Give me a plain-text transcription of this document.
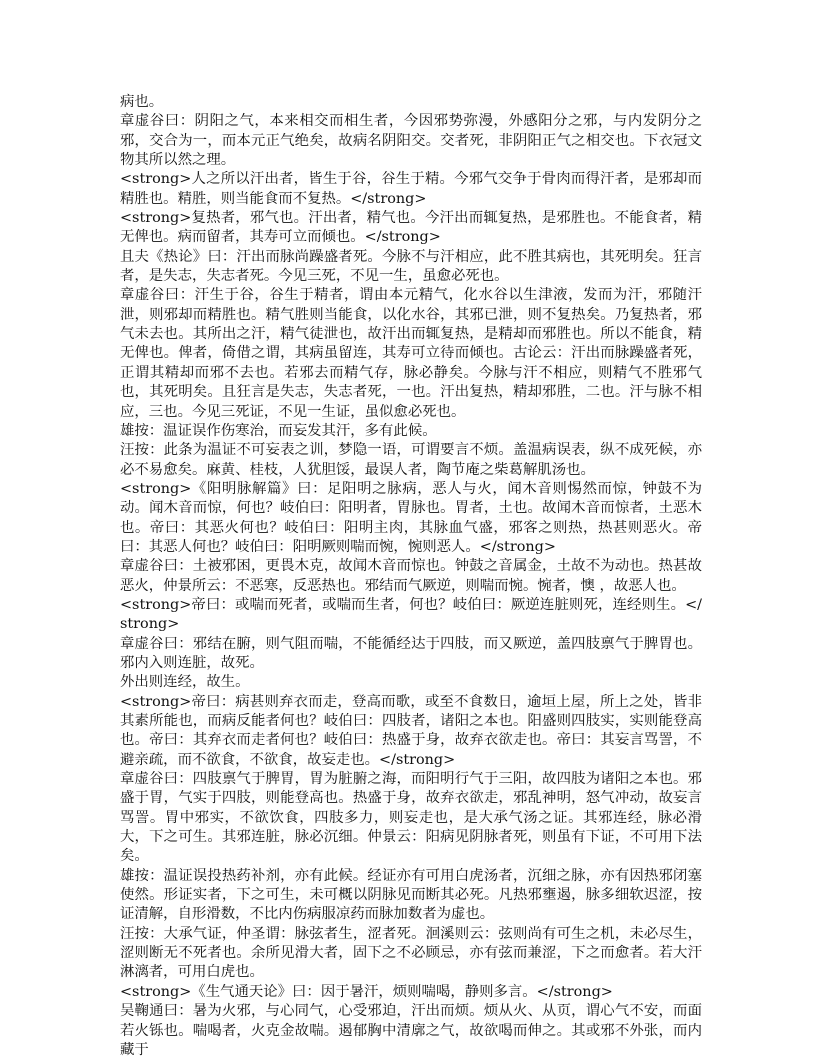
病也。

章虚谷曰：阴阳之气，本来相交而相生者，今因邪势弥漫，外感阳分之邪，与内发阴分之邪，交合为一，而本元正气绝矣，故病名阴阳交。交者死，非阴阳正气之相交也。下衣冠文物其所以然之理。

<strong>人之所以汗出者，皆生于谷，谷生于精。今邪气交争于骨肉而得汗者，是邪却而精胜也。精胜，则当能食而不复热。</strong>

<strong>复热者，邪气也。汗出者，精气也。今汗出而辄复热，是邪胜也。不能食者，精无俾也。病而留者，其寿可立而倾也。</strong>

且夫《热论》曰：汗出而脉尚躁盛者死。今脉不与汗相应，此不胜其病也，其死明矣。狂言者，是失志，失志者死。今见三死，不见一生，虽愈必死也。

章虚谷曰：汗生于谷，谷生于精者，谓由本元精气，化水谷以生津液，发而为汗，邪随汗泄，则邪却而精胜也。精气胜则当能食，以化水谷，其邪已泄，则不复热矣。乃复热者，邪气未去也。其所出之汗，精气徒泄也，故汗出而辄复热，是精却而邪胜也。所以不能食，精无俾也。俾者，倚借之谓，其病虽留连，其寿可立待而倾也。古论云：汗出而脉躁盛者死，正谓其精却而邪不去也。若邪去而精气存，脉必静矣。今脉与汗不相应，则精气不胜邪气也，其死明矣。且狂言是失志，失志者死，一也。汗出复热，精却邪胜，二也。汗与脉不相应，三也。今见三死证，不见一生证，虽似愈必死也。

雄按：温证误作伤寒治，而妄发其汗，多有此候。

汪按：此条为温证不可妄表之训，梦隐一语，可谓要言不烦。盖温病误表，纵不成死候，亦必不易愈矣。麻黄、桂枝，人犹胆馁，最误人者，陶节庵之柴葛解肌汤也。

<strong>《阳明脉解篇》曰：足阳明之脉病，恶人与火，闻木音则惕然而惊，钟鼓不为动。闻木音而惊，何也？岐伯曰：阳明者，胃脉也。胃者，土也。故闻木音而惊者，土恶木也。帝曰：其恶火何也？岐伯曰：阳明主肉，其脉血气盛，邪客之则热，热甚则恶火。帝曰：其恶人何也？岐伯曰：阳明厥则喘而惋，惋则恶人。</strong>

章虚谷曰：土被邪困，更畏木克，故闻木音而惊也。钟鼓之音属金，土故不为动也。热甚故恶火，仲景所云：不恶寒，反恶热也。邪结而气厥逆，则喘而惋。惋者，懊 ，故恶人也。

<strong>帝曰：或喘而死者，或喘而生者，何也？岐伯曰：厥逆连脏则死，连经则生。</strong>

章虚谷曰：邪结在腑，则气阻而喘，不能循经达于四肢，而又厥逆，盖四肢禀气于脾胃也。邪内入则连脏，故死。

外出则连经，故生。

<strong>帝曰：病甚则弃衣而走，登高而歌，或至不食数日，逾垣上屋，所上之处，皆非其素所能也，而病反能者何也？岐伯曰：四肢者，诸阳之本也。阳盛则四肢实，实则能登高也。帝曰：其弃衣而走者何也？岐伯曰：热盛于身，故弃衣欲走也。帝曰：其妄言骂詈，不避亲疏，而不欲食，不欲食，故妄走也。</strong>

章虚谷曰：四肢禀气于脾胃，胃为脏腑之海，而阳明行气于三阳，故四肢为诸阳之本也。邪盛于胃，气实于四肢，则能登高也。热盛于身，故弃衣欲走，邪乱神明，怒气冲动，故妄言骂詈。胃中邪实，不欲饮食，四肢多力，则妄走也，是大承气汤之证。其邪连经，脉必滑大，下之可生。其邪连脏，脉必沉细。仲景云：阳病见阴脉者死，则虽有下证，不可用下法矣。

雄按：温证误投热药补剂，亦有此候。经证亦有可用白虎汤者，沉细之脉，亦有因热邪闭塞使然。形证实者，下之可生，未可概以阴脉见而断其必死。凡热邪壅遏，脉多细软迟涩，按证清解，自形滑数，不比内伤病服凉药而脉加数者为虚也。

汪按：大承气证，仲圣谓：脉弦者生，涩者死。洄溪则云：弦则尚有可生之机，未必尽生，涩则断无不死者也。余所见滑大者，固下之不必顾忌，亦有弦而兼涩，下之而愈者。若大汗淋漓者，可用白虎也。

<strong>《生气通天论》曰：因于暑汗，烦则喘喝，静则多言。</strong>

吴鞠通曰：暑为火邪，与心同气，心受邪迫，汗出而烦。烦从火、从页，谓心气不安，而面若火铄也。喘喝者，火克金故喘。遏郁胸中清廓之气，故欲喝而伸之。其或邪不外张，而内藏于
